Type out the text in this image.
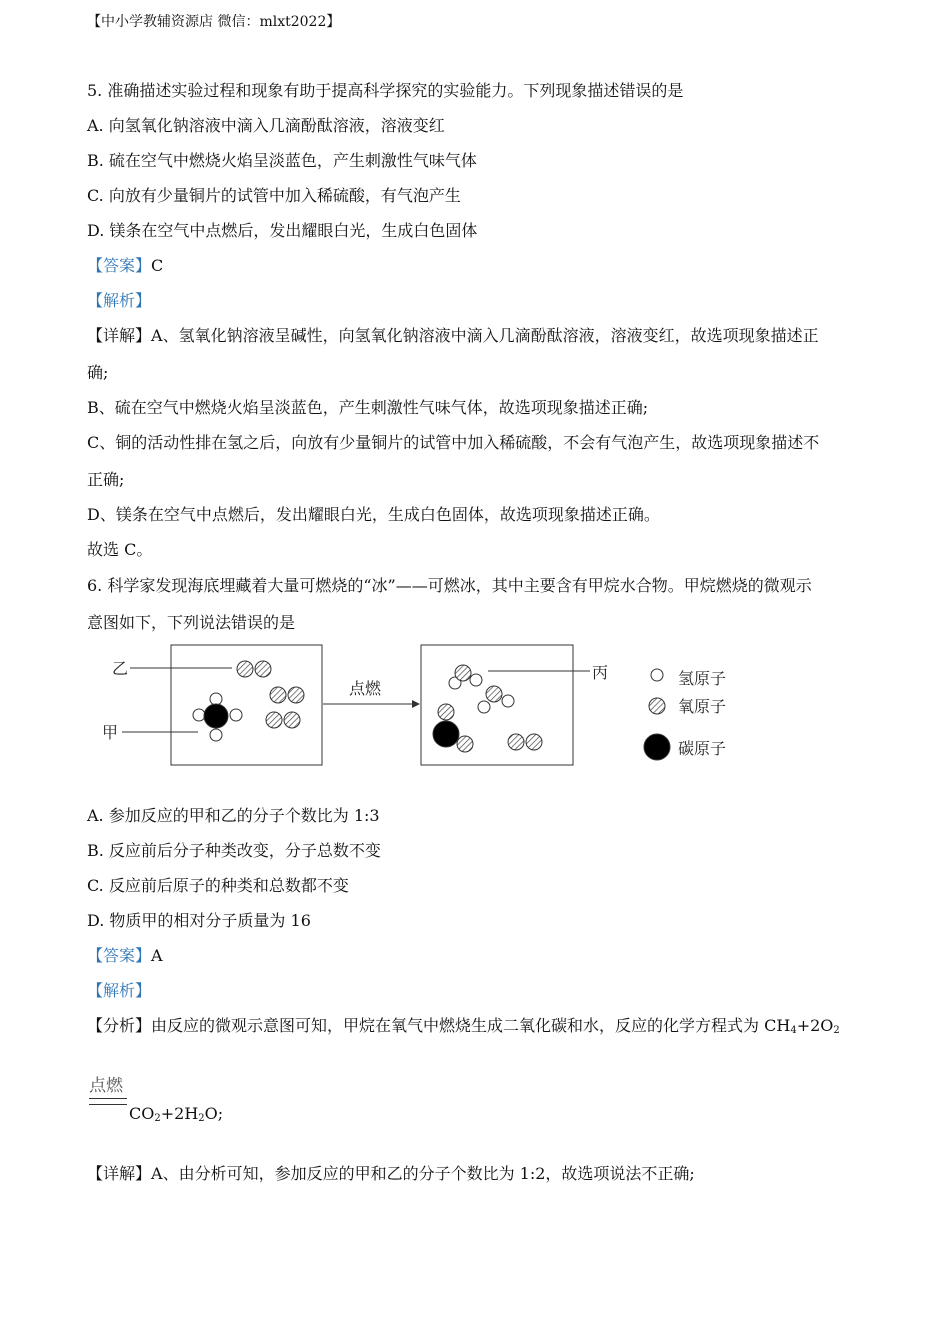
【中小学教辅资源店 微信：mlxt2022】
5. 准确描述实验过程和现象有助于提高科学探究的实验能力。下列现象描述错误的是
A. 向氢氧化钠溶液中滴入几滴酚酞溶液，溶液变红
B. 硫在空气中燃烧火焰呈淡蓝色，产生刺激性气味气体
C. 向放有少量铜片的试管中加入稀硫酸，有气泡产生
D. 镁条在空气中点燃后，发出耀眼白光，生成白色固体
【答案】C
【解析】
【详解】A、氢氧化钠溶液呈碱性，向氢氧化钠溶液中滴入几滴酚酞溶液，溶液变红，故选项现象描述正
确;
B、硫在空气中燃烧火焰呈淡蓝色，产生刺激性气味气体，故选项现象描述正确;
C、铜的活动性排在氢之后，向放有少量铜片的试管中加入稀硫酸，不会有气泡产生，故选项现象描述不
正确;
D、镁条在空气中点燃后，发出耀眼白光，生成白色固体，故选项现象描述正确。
故选 C。
6. 科学家发现海底埋藏着大量可燃烧的“冰”——可燃冰，其中主要含有甲烷水合物。甲烷燃烧的微观示
意图如下，下列说法错误的是
乙
甲
丙
点燃
氢原子
氧原子
碳原子
A. 参加反应的甲和乙的分子个数比为 1:3
B. 反应前后分子种类改变，分子总数不变
C. 反应前后原子的种类和总数都不变
D. 物质甲的相对分子质量为 16
【答案】A
【解析】
【分析】由反应的微观示意图可知，甲烷在氧气中燃烧生成二氧化碳和水，反应的化学方程式为 $CH_4+2O_2$
点燃
$CO_2+2H_2O$;
【详解】A、由分析可知，参加反应的甲和乙的分子个数比为 1:2，故选项说法不正确;
